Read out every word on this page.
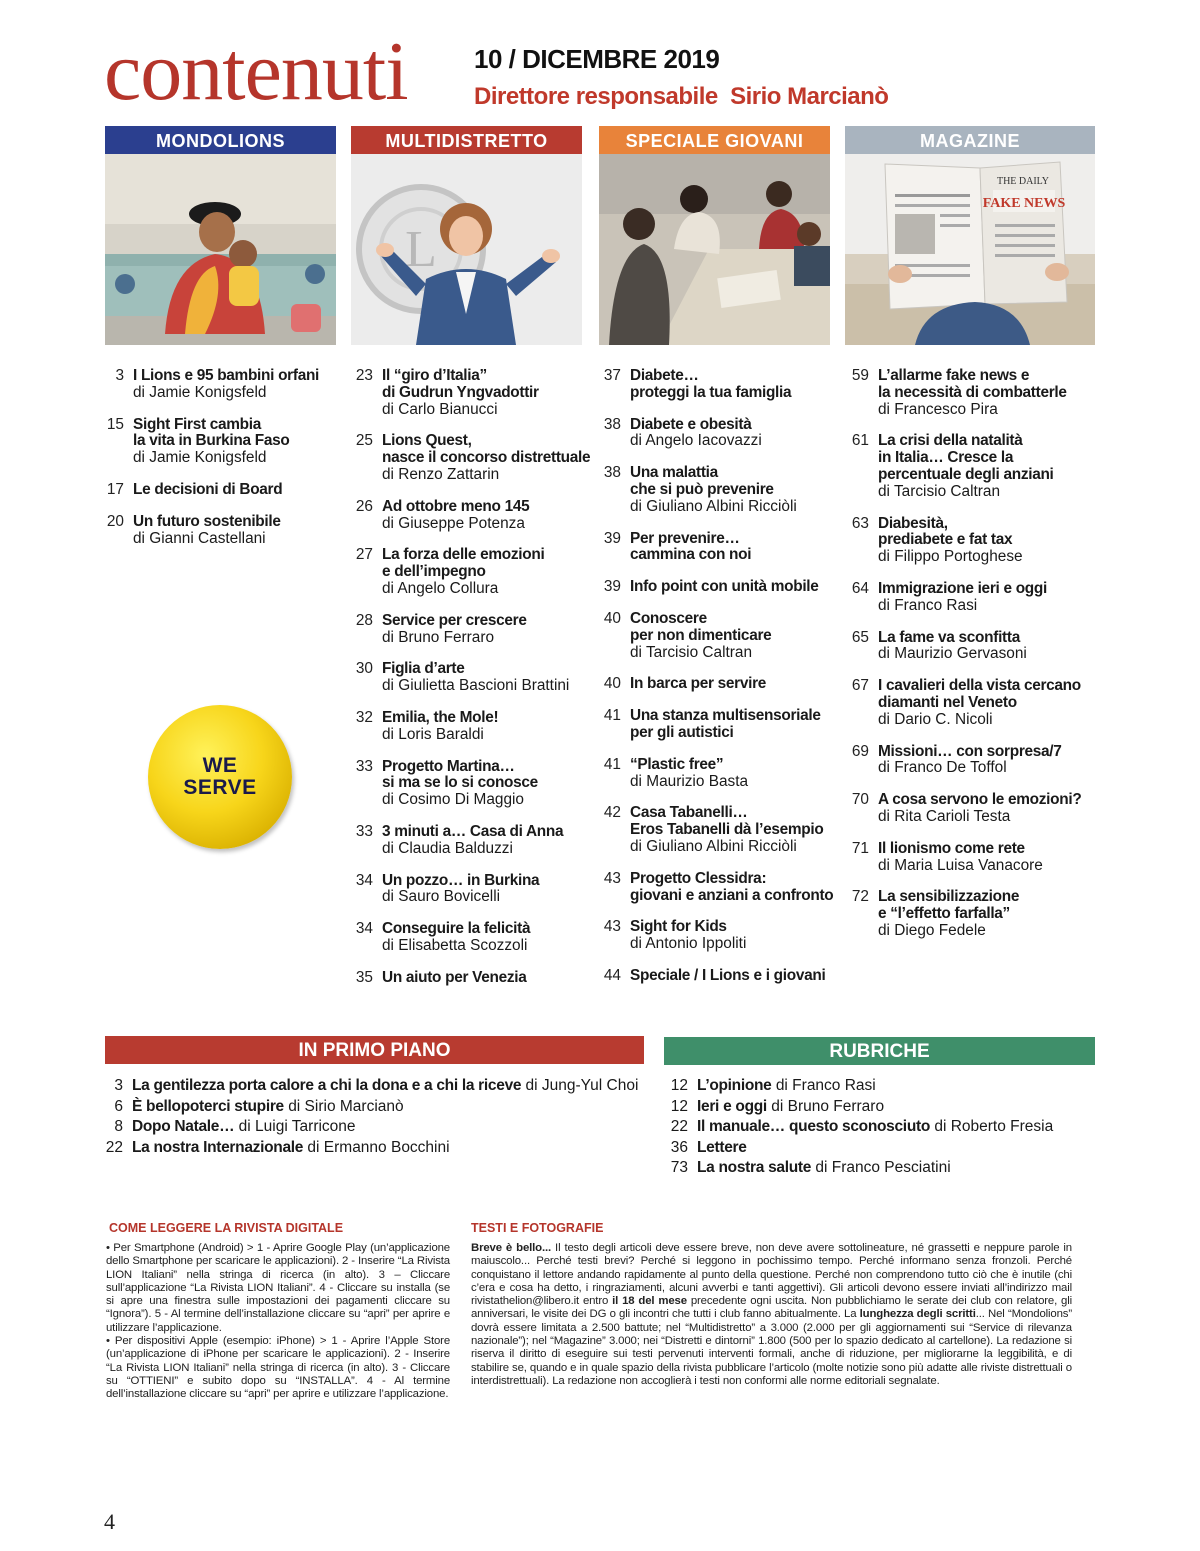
contenuti	10 / DICEMBRE 2019
Direttore responsabile Sirio Marcianò
MONDOLIONS
3 I Lions e 95 bambini orfani
di Jamie Konigsfeld
15 Sight First cambia
la vita in Burkina Faso
di Jamie Konigsfeld
17 Le decisioni di Board
20 Un futuro sostenibile
di Gianni Castellani
WE
SERVE
MULTIDISTRETTO
L
23 Il “giro d’Italia”
di Gudrun Yngvadottir
di Carlo Bianucci
25 Lions Quest,
nasce il concorso distrettuale
di Renzo Zattarin
26 Ad ottobre meno 145
di Giuseppe Potenza
27 La forza delle emozioni
e dell’impegno
di Angelo Collura
28 Service per crescere
di Bruno Ferraro
30 Figlia d’arte
di Giulietta Bascioni Brattini
32 Emilia, the Mole!
di Loris Baraldi
33 Progetto Martina…
si ma se lo si conosce
di Cosimo Di Maggio
33 3 minuti a… Casa di Anna
di Claudia Balduzzi
34 Un pozzo… in Burkina
di Sauro Bovicelli
34 Conseguire la felicità
di Elisabetta Scozzoli
35 Un aiuto per Venezia
SPECIALE GIOVANI
37 Diabete…
proteggi la tua famiglia
38 Diabete e obesità
di Angelo Iacovazzi
38 Una malattia
che si può prevenire
di Giuliano Albini Ricciòli
39 Per prevenire…
cammina con noi
39 Info point con unità mobile
40 Conoscere
per non dimenticare
di Tarcisio Caltran
40 In barca per servire
41 Una stanza multisensoriale
per gli autistici
41 “Plastic free”
di Maurizio Basta
42 Casa Tabanelli…
Eros Tabanelli dà l’esempio
di Giuliano Albini Ricciòli
43 Progetto Clessidra:
giovani e anziani a confronto
43 Sight for Kids
di Antonio Ippoliti
44 Speciale / I Lions e i giovani
MAGAZINE
THE DAILY
FAKE NEWS
59 L’allarme fake news e
la necessità di combatterle
di Francesco Pira
61 La crisi della natalità
in Italia… Cresce la
percentuale degli anziani
di Tarcisio Caltran
63 Diabesità,
prediabete e fat tax
di Filippo Portoghese
64 Immigrazione ieri e oggi
di Franco Rasi
65 La fame va sconfitta
di Maurizio Gervasoni
67 I cavalieri della vista cercano
diamanti nel Veneto
di Dario C. Nicoli
69 Missioni… con sorpresa/7
di Franco De Toffol
70 A cosa servono le emozioni?
di Rita Carioli Testa
71 Il lionismo come rete
di Maria Luisa Vanacore
72 La sensibilizzazione
e “l’effetto farfalla”
di Diego Fedele
IN PRIMO PIANO
3 La gentilezza porta calore a chi la dona e a chi la riceve di Jung-Yul Choi
6 È bellopoterci stupire di Sirio Marcianò
8 Dopo Natale… di Luigi Tarricone
22 La nostra Internazionale di Ermanno Bocchini
RUBRICHE
12 L’opinione di Franco Rasi
12 Ieri e oggi di Bruno Ferraro
22 Il manuale… questo sconosciuto di Roberto Fresia
36 Lettere
73 La nostra salute di Franco Pesciatini
COME LEGGERE LA RIVISTA DIGITALE
• Per Smartphone (Android) > 1 - Aprire Google Play (un’applicazione dello Smartphone per scaricare le applicazioni). 2 - Inserire “La Rivista LION Italiani” nella stringa di ricerca (in alto). 3 – Cliccare sull’applicazione “La Rivista LION Italiani”. 4 - Cliccare su installa (se si apre una finestra sulle impostazioni dei pagamenti cliccare su “Ignora”). 5 - Al termine dell’installazione cliccare su “apri” per aprire e utilizzare l’applicazione.
• Per dispositivi Apple (esempio: iPhone) > 1 - Aprire l’Apple Store (un’applicazione di iPhone per scaricare le applicazioni). 2 - Inserire “La Rivista LION Italiani” nella stringa di ricerca (in alto). 3 - Cliccare su “OTTIENI” e subito dopo su “INSTALLA”. 4 - Al termine dell’installazione cliccare su “apri” per aprire e utilizzare l’applicazione.
TESTI E FOTOGRAFIE
Breve è bello... Il testo degli articoli deve essere breve, non deve avere sottolineature, né grassetti e neppure parole in maiuscolo... Perché testi brevi? Perché si leggono in pochissimo tempo. Perché informano senza fronzoli. Perché conquistano il lettore andando rapidamente al punto della questione. Perché non comprendono tutto ciò che è inutile (chi c’era e cosa ha detto, i ringraziamenti, alcuni avverbi e tanti aggettivi). Gli articoli devono essere inviati all’indirizzo mail rivistathelion@libero.it entro il 18 del mese precedente ogni uscita. Non pubblichiamo le serate dei club con relatore, gli anniversari, le visite dei DG o gli incontri che tutti i club fanno abitualmente. La lunghezza degli scritti... Nel “Mondolions” dovrà essere limitata a 2.500 battute; nel “Multidistretto” a 3.000 (2.000 per gli aggiornamenti sui “Service di rilevanza nazionale”); nel “Magazine” 3.000; nei “Distretti e dintorni” 1.800 (500 per lo spazio dedicato al cartellone). La redazione si riserva il diritto di eseguire sui testi pervenuti interventi formali, anche di riduzione, per migliorarne la leggibilità, e di stabilire se, quando e in quale spazio della rivista pubblicare l’articolo (molte notizie sono più adatte alle riviste distrettuali o interdistrettuali). La redazione non accoglierà i testi non conformi alle norme editoriali segnalate.
4
